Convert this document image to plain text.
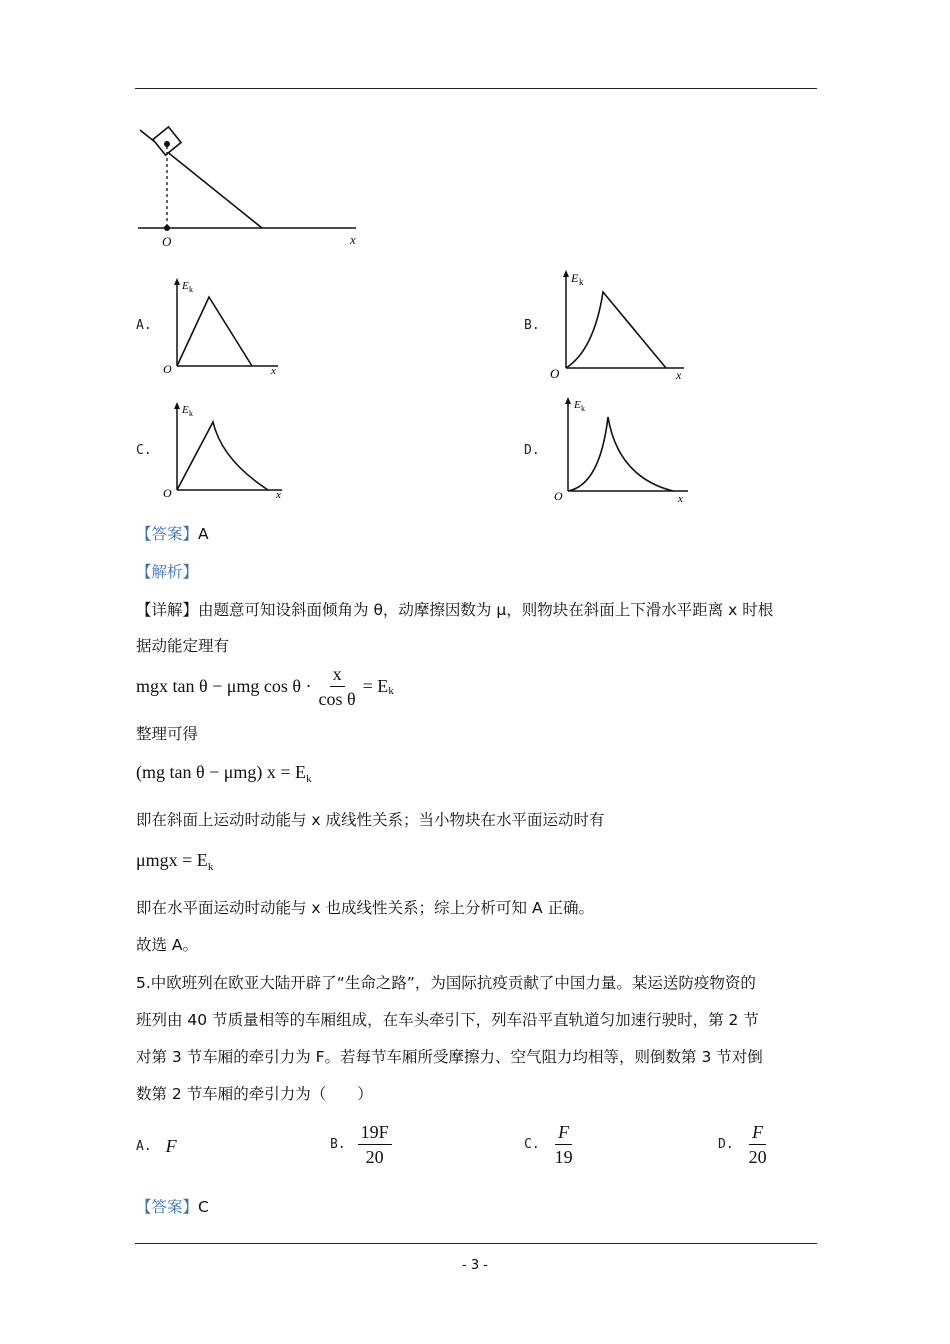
O	x
A.
E k
O	x
B.
E k
O	x
C.
E k
O	x
D.
E k
O	x
【答案】A
【解析】
【详解】由题意可知设斜面倾角为 θ，动摩擦因数为 μ，则物块在斜面上下滑水平距离 x 时根
据动能定理有
mgx tan θ − μmg $\cos \theta \cdot \frac{x}{\text{cos θ}} = E$ k
整理可得
(mg tan θ − μmg) $x = E_k$
即在斜面上运动时动能与 x 成线性关系；当小物块在水平面运动时有
$\mu mgx = E_k$
即在水平面运动时动能与 x 也成线性关系；综上分析可知 A 正确。
故选 A。
5.中欧班列在欧亚大陆开辟了“生命之路”，为国际抗疫贡献了中国力量。某运送防疫物资的
班列由 40 节质量相等的车厢组成，在车头牵引下，列车沿平直轨道匀加速行驶时，第 2 节
对第 3 节车厢的牵引力为 F。若每节车厢所受摩擦力、空气阻力均相等，则倒数第 3 节对倒
数第 2 节车厢的牵引力为（　　）
A. F	B. $\frac{19F}{20}$	C. $\frac{F}{19}$	D. $\frac{F}{20}$
【答案】C
- 3 -
